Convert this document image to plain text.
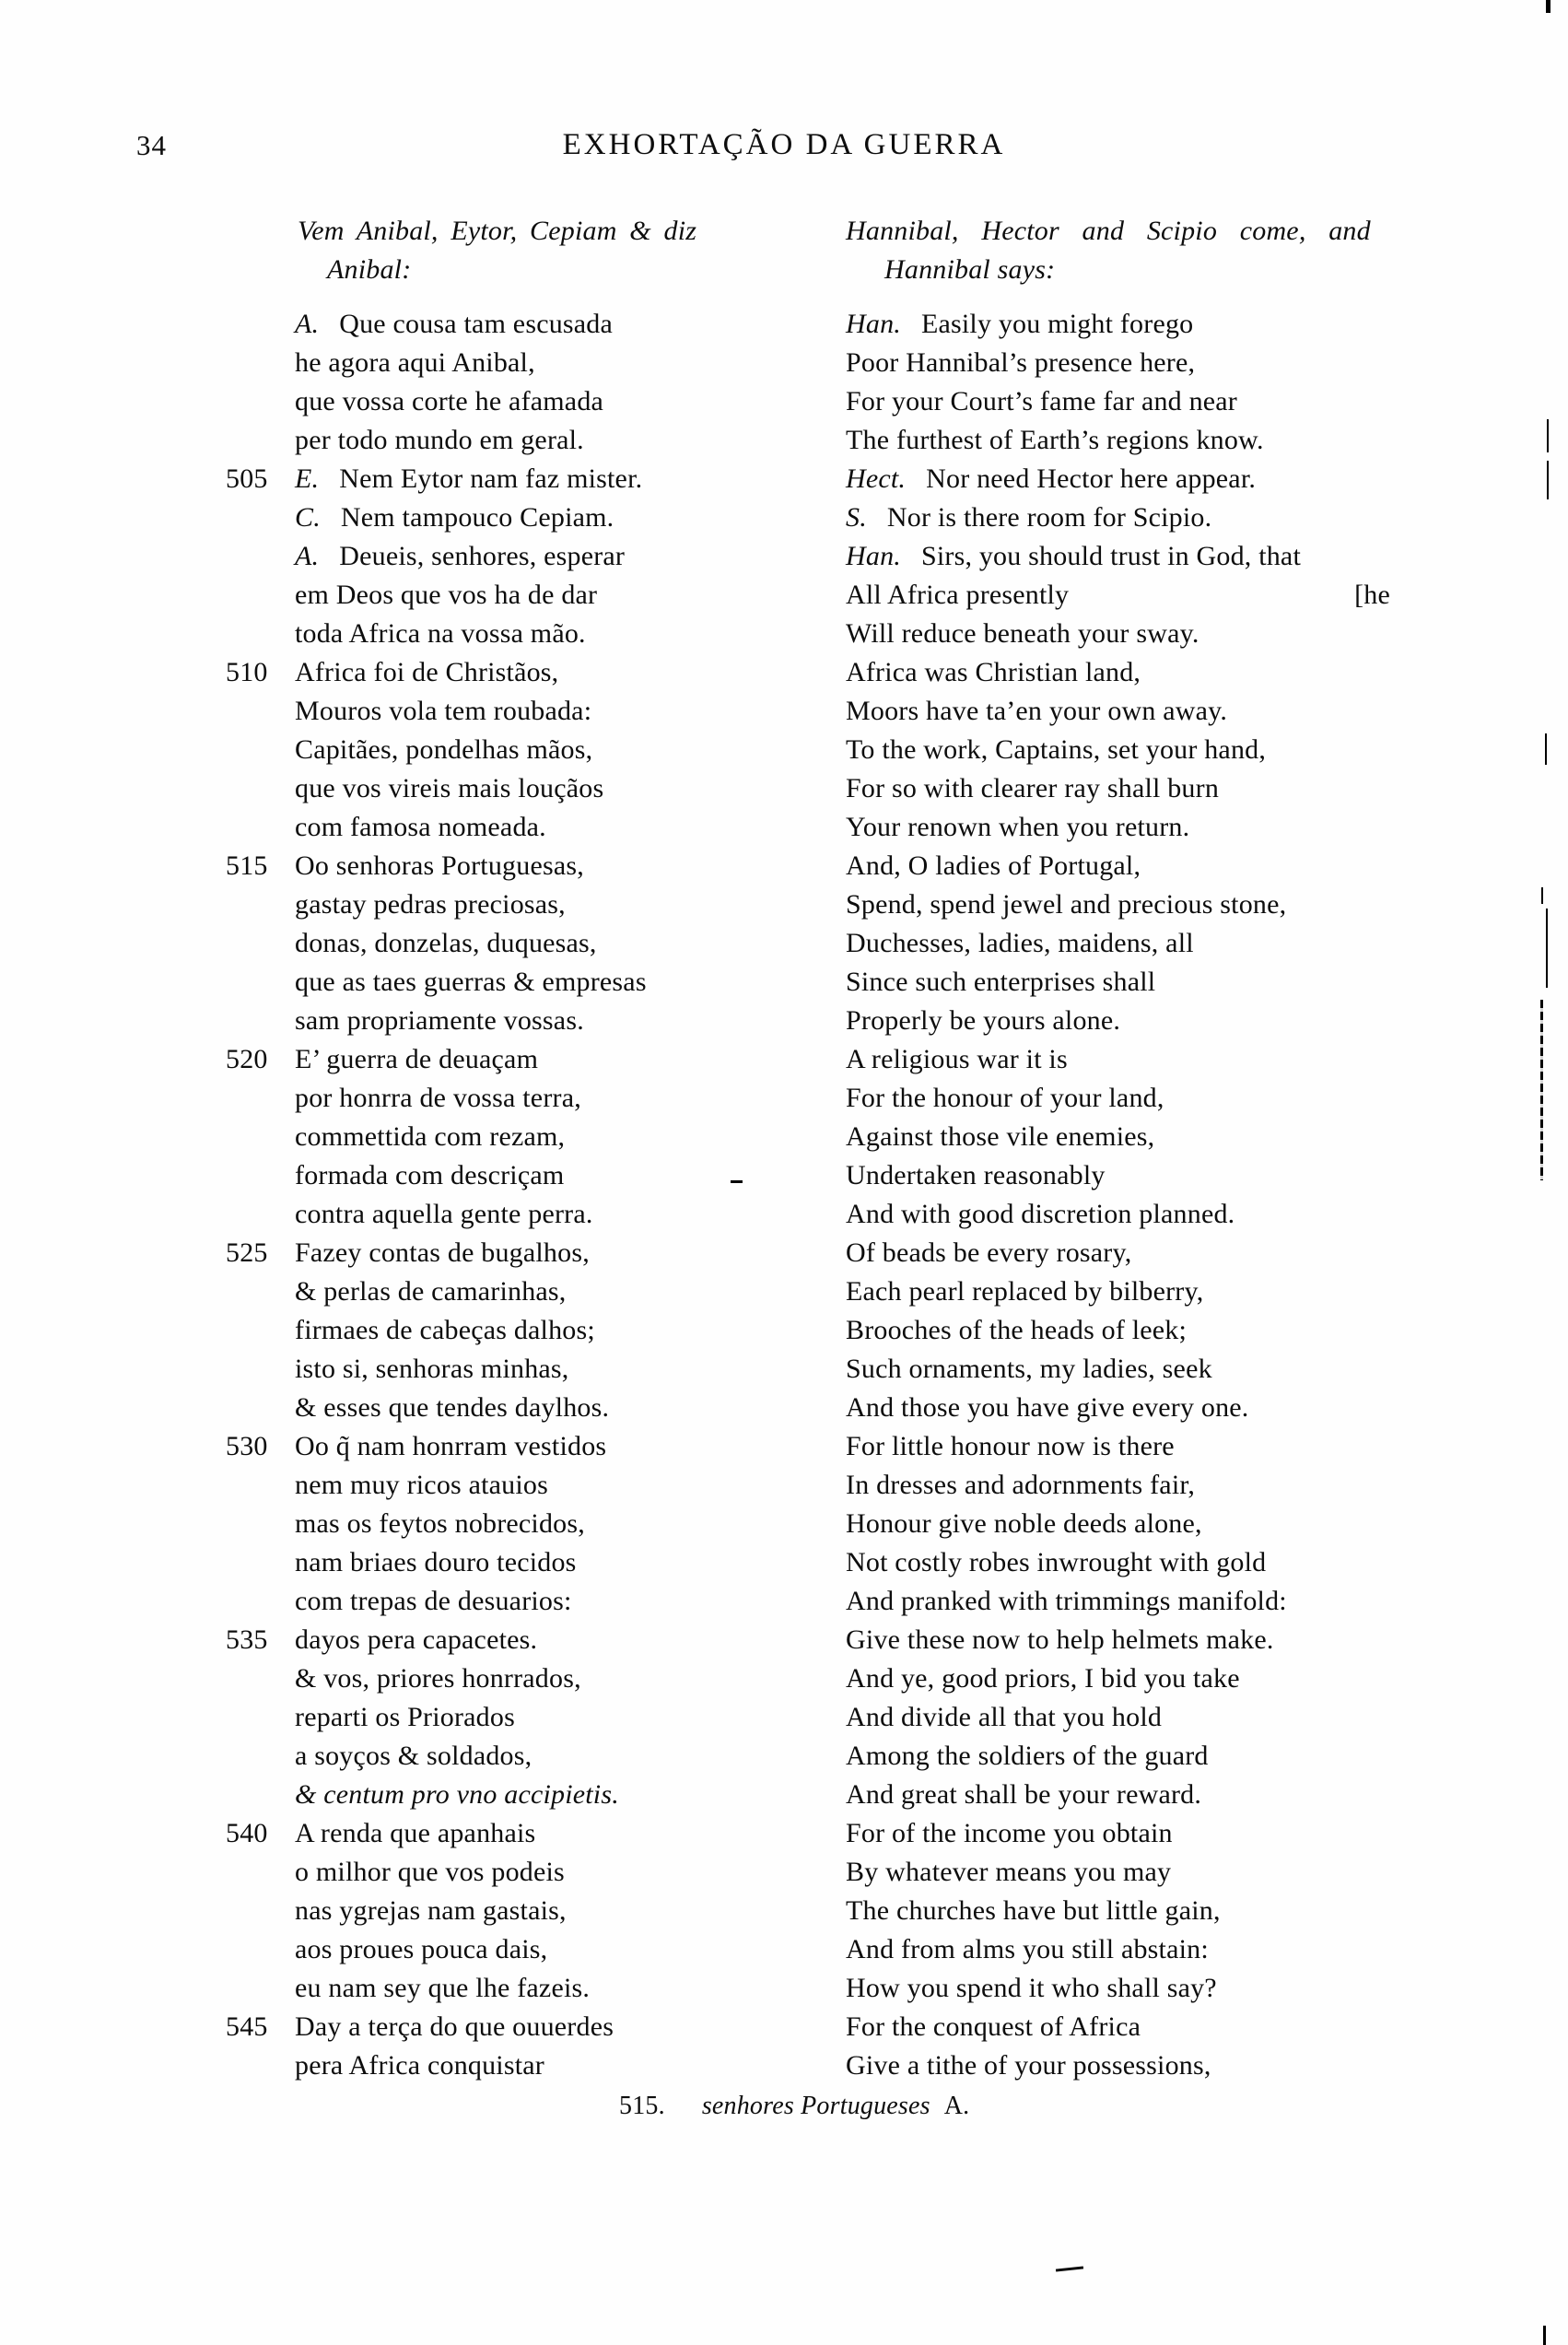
34	EXHORTAÇÃO DA GUERRA
Vem Anibal, Eytor, Cepiam & diz
Anibal:
A. Que cousa tam escusada
he agora aqui Anibal,
que vossa corte he afamada
per todo mundo em geral.
505 E. Nem Eytor nam faz mister.
C. Nem tampouco Cepiam.
A. Deueis, senhores, esperar
em Deos que vos ha de dar
toda Africa na vossa mão.
510 Africa foi de Christãos,
Mouros vola tem roubada:
Capitães, pondelhas mãos,
que vos vireis mais louçãos
com famosa nomeada.
515 Oo senhoras Portuguesas,
gastay pedras preciosas,
donas, donzelas, duquesas,
que as taes guerras & empresas
sam propriamente vossas.
520 E’ guerra de deuaçam
por honrra de vossa terra,
commettida com rezam,
formada com descriçam
contra aquella gente perra.
525 Fazey contas de bugalhos,
& perlas de camarinhas,
firmaes de cabeças dalhos;
isto si, senhoras minhas,
& esses que tendes daylhos.
530 Oo q̃ nam honrram vestidos
nem muy ricos atauios
mas os feytos nobrecidos,
nam briaes douro tecidos
com trepas de desuarios:
535 dayos pera capacetes.
& vos, priores honrrados,
reparti os Priorados
a soyços & soldados,
& centum pro vno accipietis.
540 A renda que apanhais
o milhor que vos podeis
nas ygrejas nam gastais,
aos proues pouca dais,
eu nam sey que lhe fazeis.
545 Day a terça do que ouuerdes
pera Africa conquistar
Hannibal, Hector and Scipio come, and
Hannibal says:
Han. Easily you might forego
Poor Hannibal’s presence here,
For your Court’s fame far and near
The furthest of Earth’s regions know.
Hect. Nor need Hector here appear.
S. Nor is there room for Scipio.
Han. Sirs, you should trust in God, that
[he
All Africa presently
Will reduce beneath your sway.
Africa was Christian land,
Moors have ta’en your own away.
To the work, Captains, set your hand,
For so with clearer ray shall burn
Your renown when you return.
And, O ladies of Portugal,
Spend, spend jewel and precious stone,
Duchesses, ladies, maidens, all
Since such enterprises shall
Properly be yours alone.
A religious war it is
For the honour of your land,
Against those vile enemies,
Undertaken reasonably
And with good discretion planned.
Of beads be every rosary,
Each pearl replaced by bilberry,
Brooches of the heads of leek;
Such ornaments, my ladies, seek
And those you have give every one.
For little honour now is there
In dresses and adornments fair,
Honour give noble deeds alone,
Not costly robes inwrought with gold
And pranked with trimmings manifold:
Give these now to help helmets make.
And ye, good priors, I bid you take
And divide all that you hold
Among the soldiers of the guard
And great shall be your reward.
For of the income you obtain
By whatever means you may
The churches have but little gain,
And from alms you still abstain:
How you spend it who shall say?
For the conquest of Africa
Give a tithe of your possessions,
515. senhores Portugueses A.
